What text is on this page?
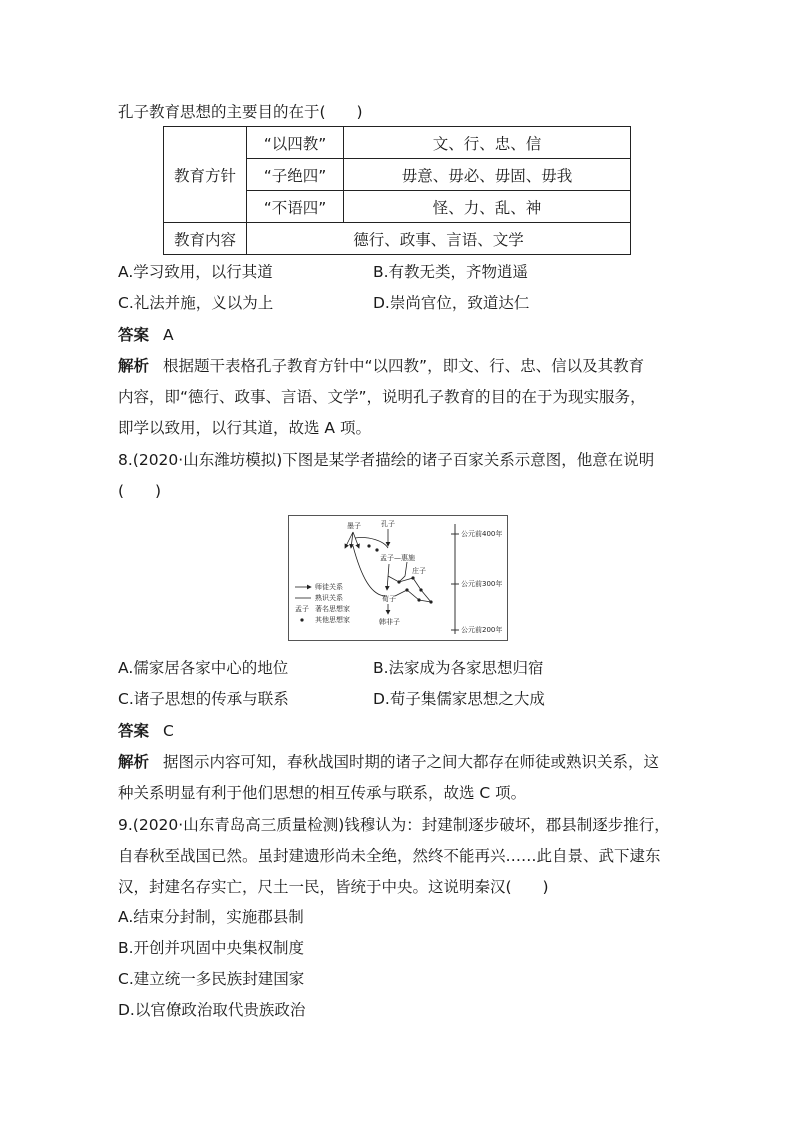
孔子教育思想的主要目的在于(　　)
教育方针	“以四教”	文、行、忠、信
	“子绝四”	毋意、毋必、毋固、毋我
	“不语四”	怪、力、乱、神
教育内容	德行、政事、言语、文学	
A.学习致用，以行其道	B.有教无类，齐物逍遥
C.礼法并施，义以为上	D.崇尚官位，致道达仁
答案 A
解析 根据题干表格孔子教育方针中“以四教”，即文、行、忠、信以及其教育
内容，即“德行、政事、言语、文学”，说明孔子教育的目的在于为现实服务，
即学以致用，以行其道，故选 A 项。
8.(2020·山东潍坊模拟)下图是某学者描绘的诸子百家关系示意图，他意在说明
(　　)
公元前400年
公元前300年
公元前200年
墨子	孔子
孟子—惠施
庄子
荀子
韩非子
师徒关系
熟识关系
孟子 著名思想家
其他思想家
A.儒家居各家中心的地位	B.法家成为各家思想归宿
C.诸子思想的传承与联系	D.荀子集儒家思想之大成
答案 C
解析 据图示内容可知，春秋战国时期的诸子之间大都存在师徒或熟识关系，这
种关系明显有利于他们思想的相互传承与联系，故选 C 项。
9.(2020·山东青岛高三质量检测)钱穆认为：封建制逐步破坏，郡县制逐步推行，
自春秋至战国已然。虽封建遗形尚未全绝，然终不能再兴……此自景、武下逮东
汉，封建名存实亡，尺土一民，皆统于中央。这说明秦汉(　　)
A.结束分封制，实施郡县制
B.开创并巩固中央集权制度
C.建立统一多民族封建国家
D.以官僚政治取代贵族政治
